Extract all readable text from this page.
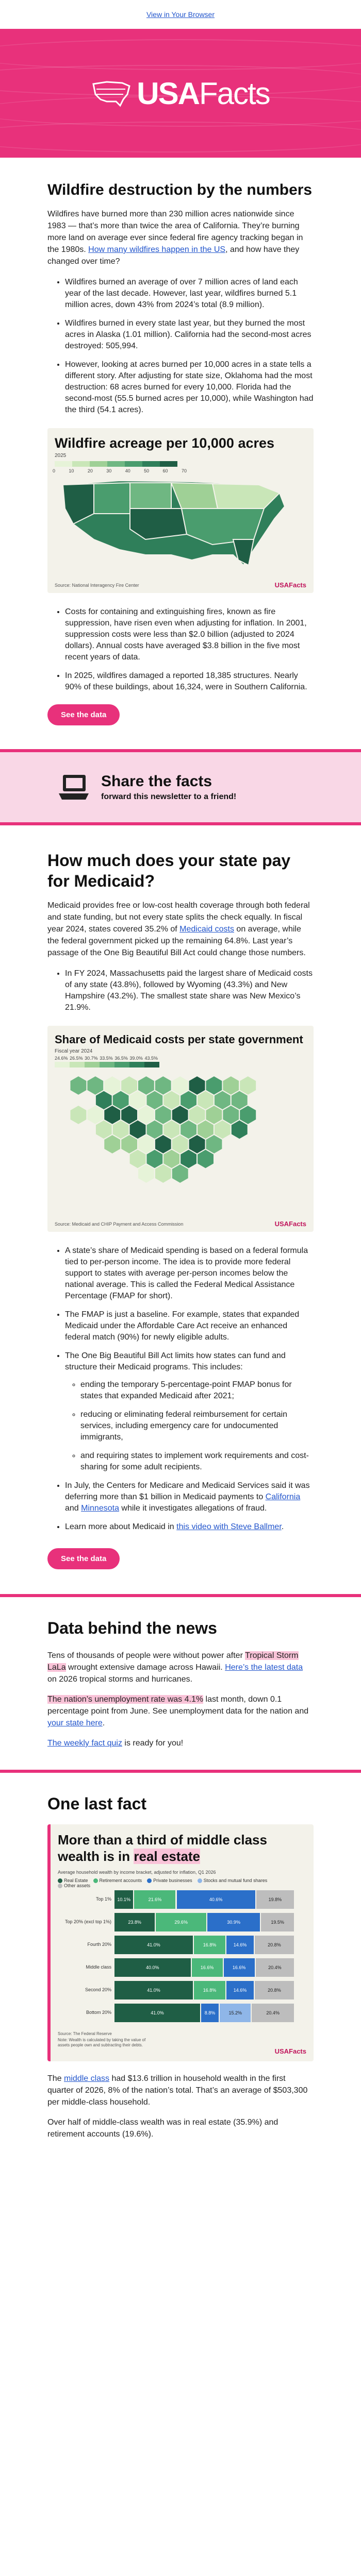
View in Your Browser
USAFacts
Wildfire destruction by the numbers

Wildfires have burned more than 230 million acres nationwide since 1983 — that’s more than twice the area of California. They’re burning more land on average ever since federal fire agency tracking began in the 1980s. How many wildfires happen in the US, and how have they changed over time?

• Wildfires burned an average of over 7 million acres of land each year of the last decade. However, last year, wildfires burned 5.1 million acres, down 43% from 2024’s total (8.9 million).
• Wildfires burned in every state last year, but they burned the most acres in Alaska (1.01 million). California had the second-most acres destroyed: 505,994.
• However, looking at acres burned per 10,000 acres in a state tells a different story. After adjusting for state size, Oklahoma had the most destruction: 68 acres burned for every 10,000. Florida had the second-most (55.5 burned acres per 10,000), while Washington had the third (54.1 acres).
Wildfire acreage per 10,000 acres
2025
0	10	20	30	40	50	60	70
Source: National Interagency Fire Center	USAFacts
• Costs for containing and extinguishing fires, known as fire suppression, have risen even when adjusting for inflation. In 2001, suppression costs were less than $2.0 billion (adjusted to 2024 dollars). Annual costs have averaged $3.8 billion in the five most recent years of data.
• In 2025, wildfires damaged a reported 18,385 structures. Nearly 90% of these buildings, about 16,324, were in Southern California.
See the data
Share the facts
forward this newsletter to a friend!
How much does your state pay for Medicaid?

Medicaid provides free or low-cost health coverage through both federal and state funding, but not every state splits the check equally. In fiscal year 2024, states covered 35.2% of Medicaid costs on average, while the federal government picked up the remaining 64.8%. Last year’s passage of the One Big Beautiful Bill Act could change those numbers.

• In FY 2024, Massachusetts paid the largest share of Medicaid costs of any state (43.8%), followed by Wyoming (43.3%) and New Hampshire (43.2%). The smallest state share was New Mexico’s 21.9%.
Share of Medicaid costs per state government
Fiscal year 2024
24.6% 26.5% 30.7% 33.5% 36.5% 39.0% 43.5%
Source: Medicaid and CHIP Payment and Access Commission	USAFacts
• A state’s share of Medicaid spending is based on a federal formula tied to per-person income. The idea is to provide more federal support to states with average per-person incomes below the national average. This is called the Federal Medical Assistance Percentage (FMAP for short).
• The FMAP is just a baseline. For example, states that expanded Medicaid under the Affordable Care Act receive an enhanced federal match (90%) for newly eligible adults.
• The One Big Beautiful Bill Act limits how states can fund and structure their Medicaid programs. This includes:
◦ ending the temporary 5-percentage-point FMAP bonus for states that expanded Medicaid after 2021;
◦ reducing or eliminating federal reimbursement for certain services, including emergency care for undocumented immigrants,
◦ and requiring states to implement work requirements and cost-sharing for some adult recipients.
• In July, the Centers for Medicare and Medicaid Services said it was deferring more than $1 billion in Medicaid payments to California and Minnesota while it investigates allegations of fraud.
• Learn more about Medicaid in this video with Steve Ballmer.
See the data
Data behind the news

Tens of thousands of people were without power after Tropical Storm LaLa wrought extensive damage across Hawaii. Here’s the latest data on 2026 tropical storms and hurricanes.

The nation’s unemployment rate was 4.1% last month, down 0.1 percentage point from June. See unemployment data for the nation and your state here.

The weekly fact quiz is ready for you!

One last fact
More than a third of middle class wealth is in real estate
Average household wealth by income bracket, adjusted for inflation, Q1 2026
Real Estate Retirement accounts Private businesses Stocks and mutual fund shares
Other assets
Top 1%	10.1%	21.6%	40.6%	19.8%
Top 20% (excl top 1%)	23.8%	29.6%	30.9%	19.5%
Fourth 20%	41.0%	16.8%	14.6%	20.8%
Middle class	40.0%	16.6%	16.6%	20.4%
Second 20%	41.0%	16.8%	14.6%	20.8%
Bottom 20%	41.0%	8.8%	15.2%	20.4%
Source: The Federal Reserve
Note: Wealth is calculated by taking the value of assets people own and subtracting their debts.
USAFacts

The middle class had $13.6 trillion in household wealth in the first quarter of 2026, 8% of the nation’s total. That’s an average of $503,300 per middle-class household.

Over half of middle-class wealth was in real estate (35.9%) and retirement accounts (19.6%).
